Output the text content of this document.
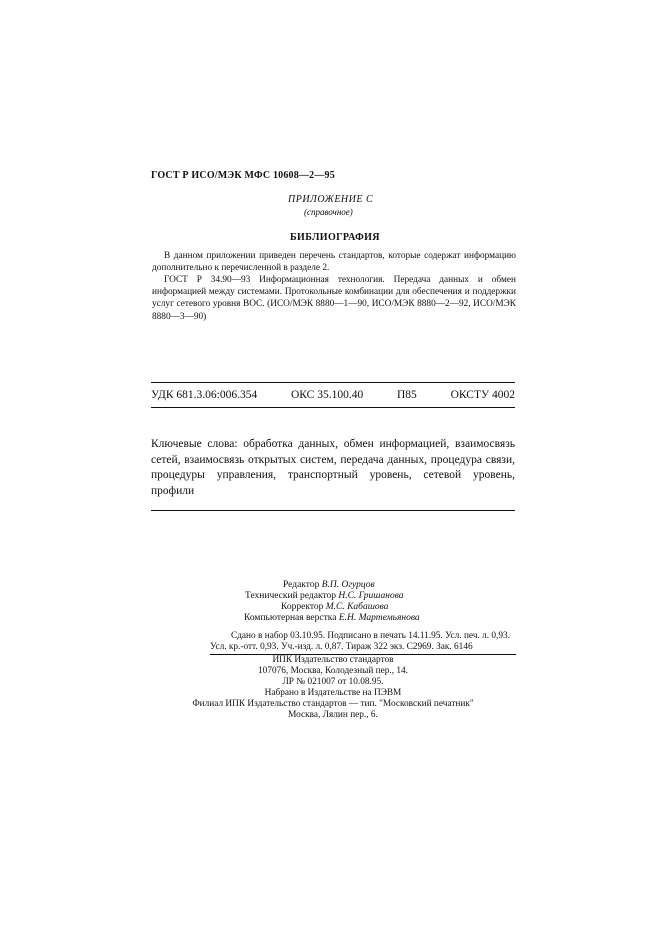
ГОСТ Р ИСО/МЭК МФС 10608—2—95
ПРИЛОЖЕНИЕ С
(справочное)
БИБЛИОГРАФИЯ
В данном приложении приведен перечень стандартов, которые содержат информацию дополнительно к перечисленной в разделе 2.
ГОСТ Р 34.90—93 Информационная технология. Передача данных и обмен информацией между системами. Протокольные комбинации для обеспечения и поддержки услуг сетевого уровня ВОС. (ИСО/МЭК 8880—1—90, ИСО/МЭК 8880—2—92, ИСО/МЭК 8880—3—90)
УДК 681.3.06:006.354	ОКС 35.100.40	П85	ОКСТУ 4002
Ключевые слова: обработка данных, обмен информацией, взаимосвязь сетей, взаимосвязь открытых систем, передача данных, процедура связи, процедуры управления, транспортный уровень, сетевой уровень, профили
Редактор В.П. Огурцов
Технический редактор Н.С. Гришанова
Корректор М.С. Кабашова
Компьютерная верстка Е.Н. Мартемьянова
Сдано в набор 03.10.95. Подписано в печать 14.11.95. Усл. печ. л. 0,93.
Усл. кр.-отт. 0,93. Уч.-изд. л. 0,87. Тираж 322 экз. С2969. Зак. 6146
ИПК Издательство стандартов
107076, Москва, Колодезный пер., 14.
ЛР № 021007 от 10.08.95.
Набрано в Издательстве на ПЭВМ
Филиал ИПК Издательство стандартов — тип. "Московский печатник"
Москва, Лялин пер., 6.
